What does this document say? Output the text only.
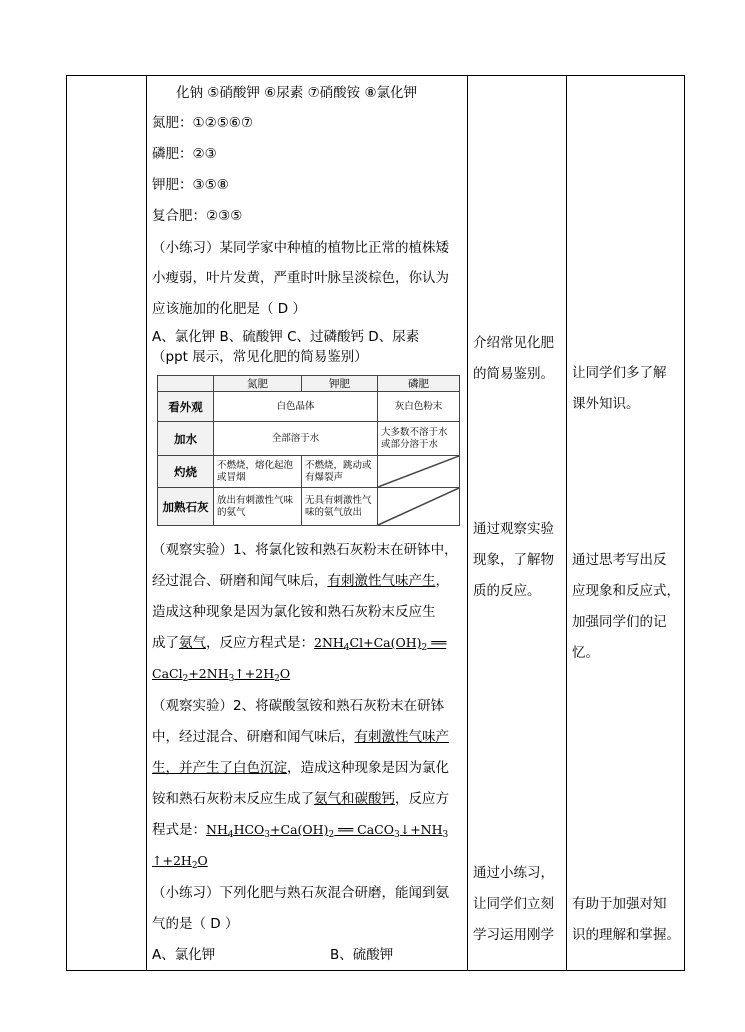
化钠 ⑤硝酸钾 ⑥尿素 ⑦硝酸铵 ⑧氯化钾
氮肥：①②⑤⑥⑦
磷肥：②③
钾肥：③⑤⑧
复合肥：②③⑤
（小练习）某同学家中种植的植物比正常的植株矮
小瘦弱，叶片发黄，严重时叶脉呈淡棕色，你认为
应该施加的化肥是（ D ）
A、氯化钾 B、硫酸钾 C、过磷酸钙 D、尿素
（ppt 展示，常见化肥的简易鉴别）
（观察实验）1、将氯化铵和熟石灰粉末在研钵中，
经过混合、研磨和闻气味后，有刺激性气味产生，
造成这种现象是因为氯化铵和熟石灰粉末反应生
成了氨气，反应方程式是：$2NH_4Cl+Ca(OH)_2$ ══
$CaCl_2+2NH_3↑+2H_2O$
（观察实验）2、将碳酸氢铵和熟石灰粉末在研钵
中，经过混合、研磨和闻气味后，有刺激性气味产
生，并产生了白色沉淀，造成这种现象是因为氯化
铵和熟石灰粉末反应生成了氨气和碳酸钙，反应方
程式是：$NH_4HCO_3+Ca(OH)_2$ ══ $CaCO_3↓+NH_3$
$↑+2H_2O$
（小练习）下列化肥与熟石灰混合研磨，能闻到氨
气的是（ D ）
A、氯化钾	B、硫酸钾
	氮肥	钾肥	磷肥
看外观	白色晶体		灰白色粉末
加水	全部溶于水		大多数不溶于水或部分溶于水
灼烧	不燃烧，熔化起泡或冒烟	不燃烧，跳动或有爆裂声	

加熟石灰	放出有刺激性气味的氨气	无具有刺激性气味的氨气放出	
介绍常见化肥
的简易鉴别。
通过观察实验
现象，了解物
质的反应。
通过小练习，
让同学们立刻
学习运用刚学
让同学们多了解
课外知识。
通过思考写出反
应现象和反应式，
加强同学们的记
忆。
有助于加强对知
识的理解和掌握。
